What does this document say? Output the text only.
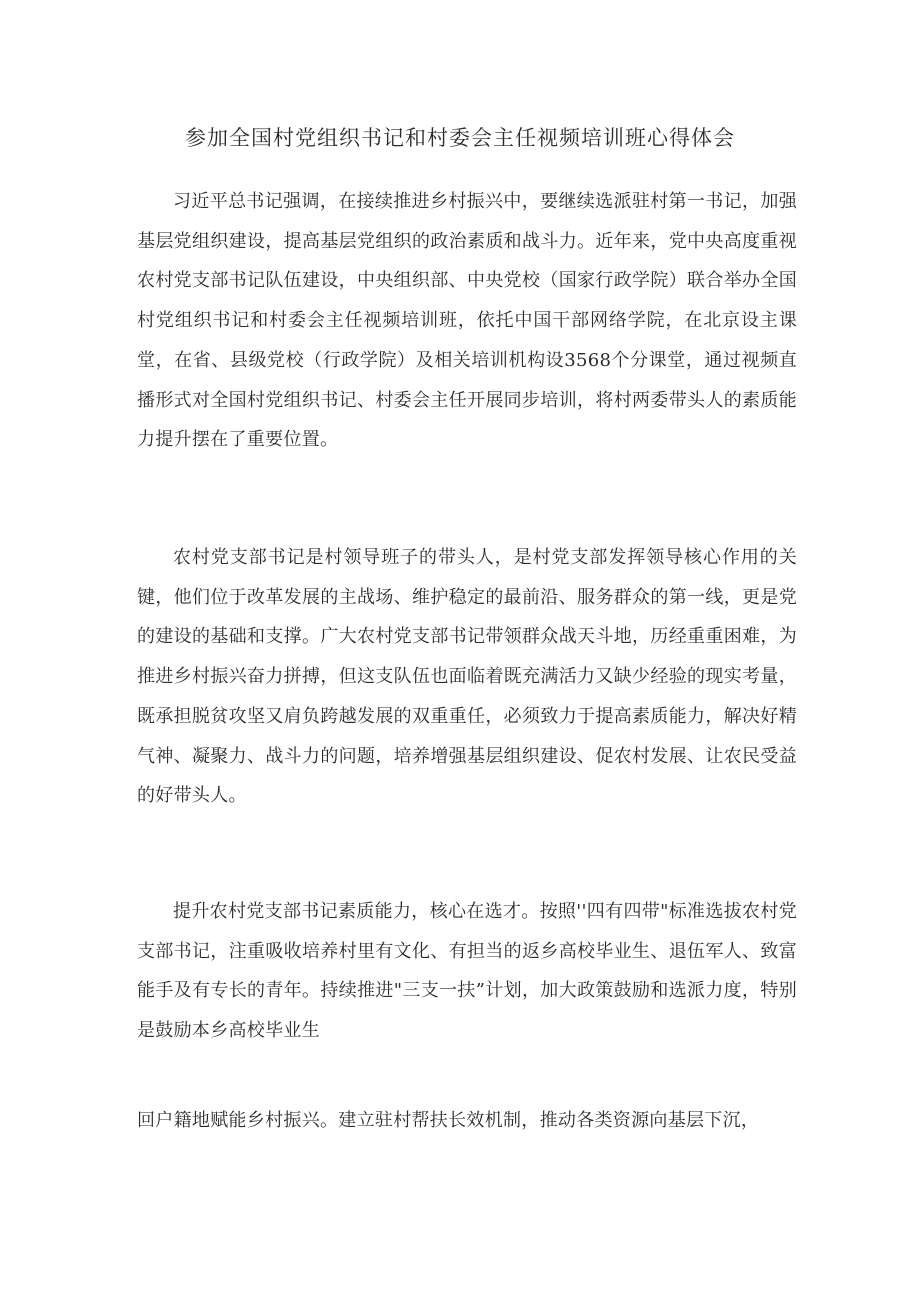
参加全国村党组织书记和村委会主任视频培训班心得体会

习近平总书记强调，在接续推进乡村振兴中，要继续选派驻村第一书记，加强基层党组织建设，提高基层党组织的政治素质和战斗力。近年来，党中央高度重视农村党支部书记队伍建设，中央组织部、中央党校（国家行政学院）联合举办全国村党组织书记和村委会主任视频培训班，依托中国干部网络学院，在北京设主课堂，在省、县级党校（行政学院）及相关培训机构设3568个分课堂，通过视频直播形式对全国村党组织书记、村委会主任开展同步培训，将村两委带头人的素质能力提升摆在了重要位置。

农村党支部书记是村领导班子的带头人，是村党支部发挥领导核心作用的关键，他们位于改革发展的主战场、维护稳定的最前沿、服务群众的第一线，更是党的建设的基础和支撑。广大农村党支部书记带领群众战天斗地，历经重重困难，为推进乡村振兴奋力拼搏，但这支队伍也面临着既充满活力又缺少经验的现实考量，既承担脱贫攻坚又肩负跨越发展的双重重任，必须致力于提高素质能力，解决好精气神、凝聚力、战斗力的问题，培养增强基层组织建设、促农村发展、让农民受益的好带头人。

提升农村党支部书记素质能力，核心在选才。按照''四有四带"标准选拔农村党支部书记，注重吸收培养村里有文化、有担当的返乡高校毕业生、退伍军人、致富能手及有专长的青年。持续推进"三支一扶”计划，加大政策鼓励和选派力度，特别是鼓励本乡高校毕业生

回户籍地赋能乡村振兴。建立驻村帮扶长效机制，推动各类资源向基层下沉，
